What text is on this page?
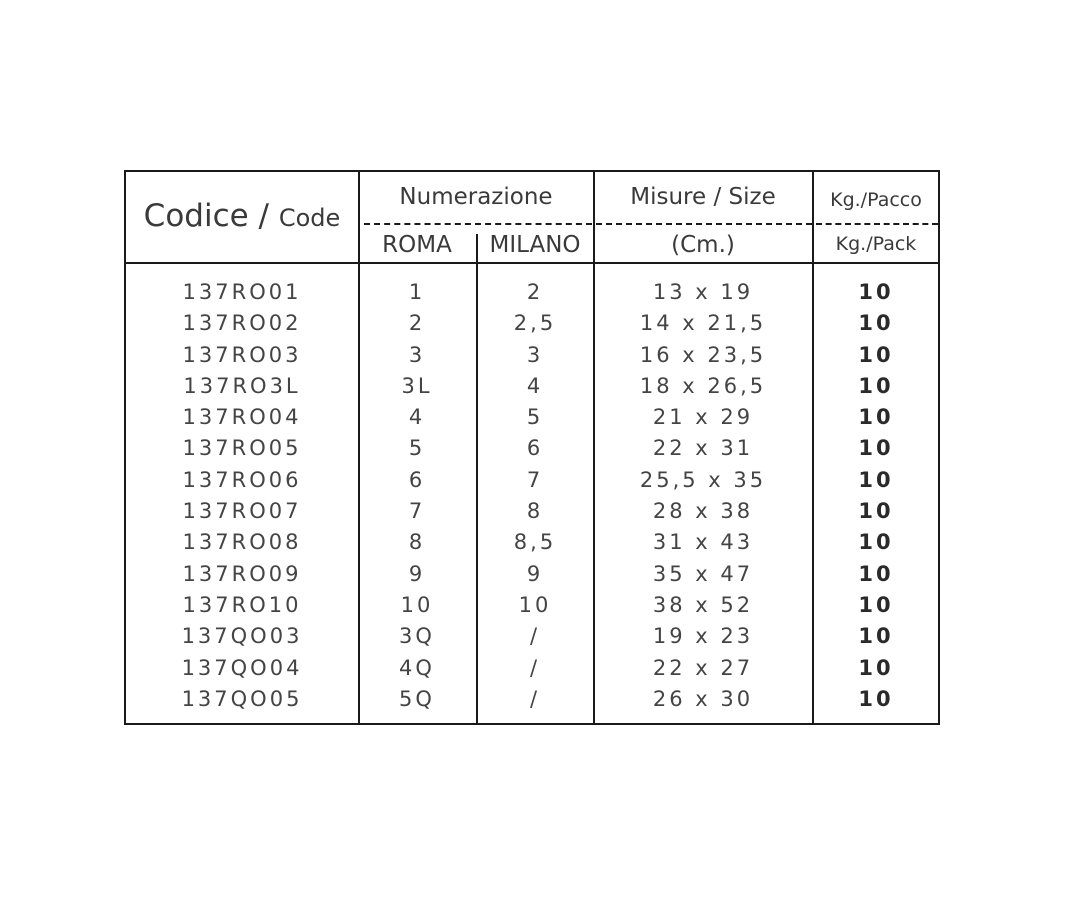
Codice / Code
Numerazione
ROMA	MILANO
Misure / Size
(Cm.)
Kg./Pacco
Kg./Pack
137RO01
137RO02
137RO03
137RO3L
137RO04
137RO05
137RO06
137RO07
137RO08
137RO09
137RO10
137QO03
137QO04
137QO05
1
2
3
3L
4
5
6
7
8
9
10
3Q
4Q
5Q
2
2,5
3
4
5
6
7
8
8,5
9
10
/
/
/
13 x 19
14 x 21,5
16 x 23,5
18 x 26,5
21 x 29
22 x 31
25,5 x 35
28 x 38
31 x 43
35 x 47
38 x 52
19 x 23
22 x 27
26 x 30
10
10
10
10
10
10
10
10
10
10
10
10
10
10
